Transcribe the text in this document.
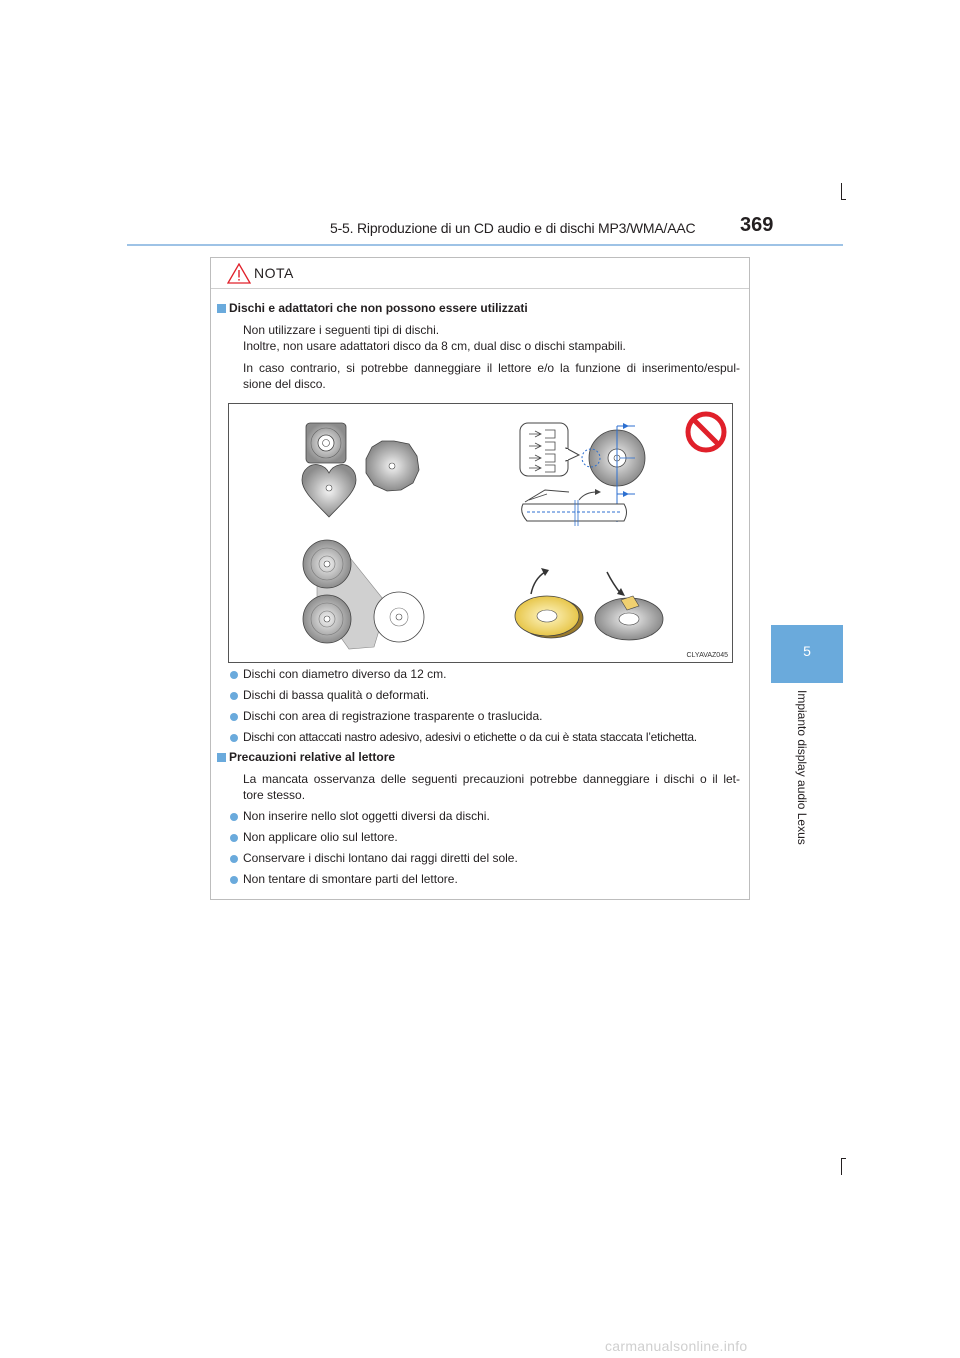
5-5. Riproduzione di un CD audio e di dischi MP3/WMA/AAC 369
5
Impianto display audio Lexus
NOTA
Dischi e adattatori che non possono essere utilizzati
Non utilizzare i seguenti tipi di dischi.
Inoltre, non usare adattatori disco da 8 cm, dual disc o dischi stampabili.
In caso contrario, si potrebbe danneggiare il lettore e/o la funzione di inserimento/espul-
sione del disco.
CLYAVAZ045
Dischi con diametro diverso da 12 cm.
Dischi di bassa qualità o deformati.
Dischi con area di registrazione trasparente o traslucida.
Dischi con attaccati nastro adesivo, adesivi o etichette o da cui è stata staccata l’etichetta.
Precauzioni relative al lettore
La mancata osservanza delle seguenti precauzioni potrebbe danneggiare i dischi o il let-
tore stesso.
Non inserire nello slot oggetti diversi da dischi.
Non applicare olio sul lettore.
Conservare i dischi lontano dai raggi diretti del sole.
Non tentare di smontare parti del lettore.
carmanualsonline.info
